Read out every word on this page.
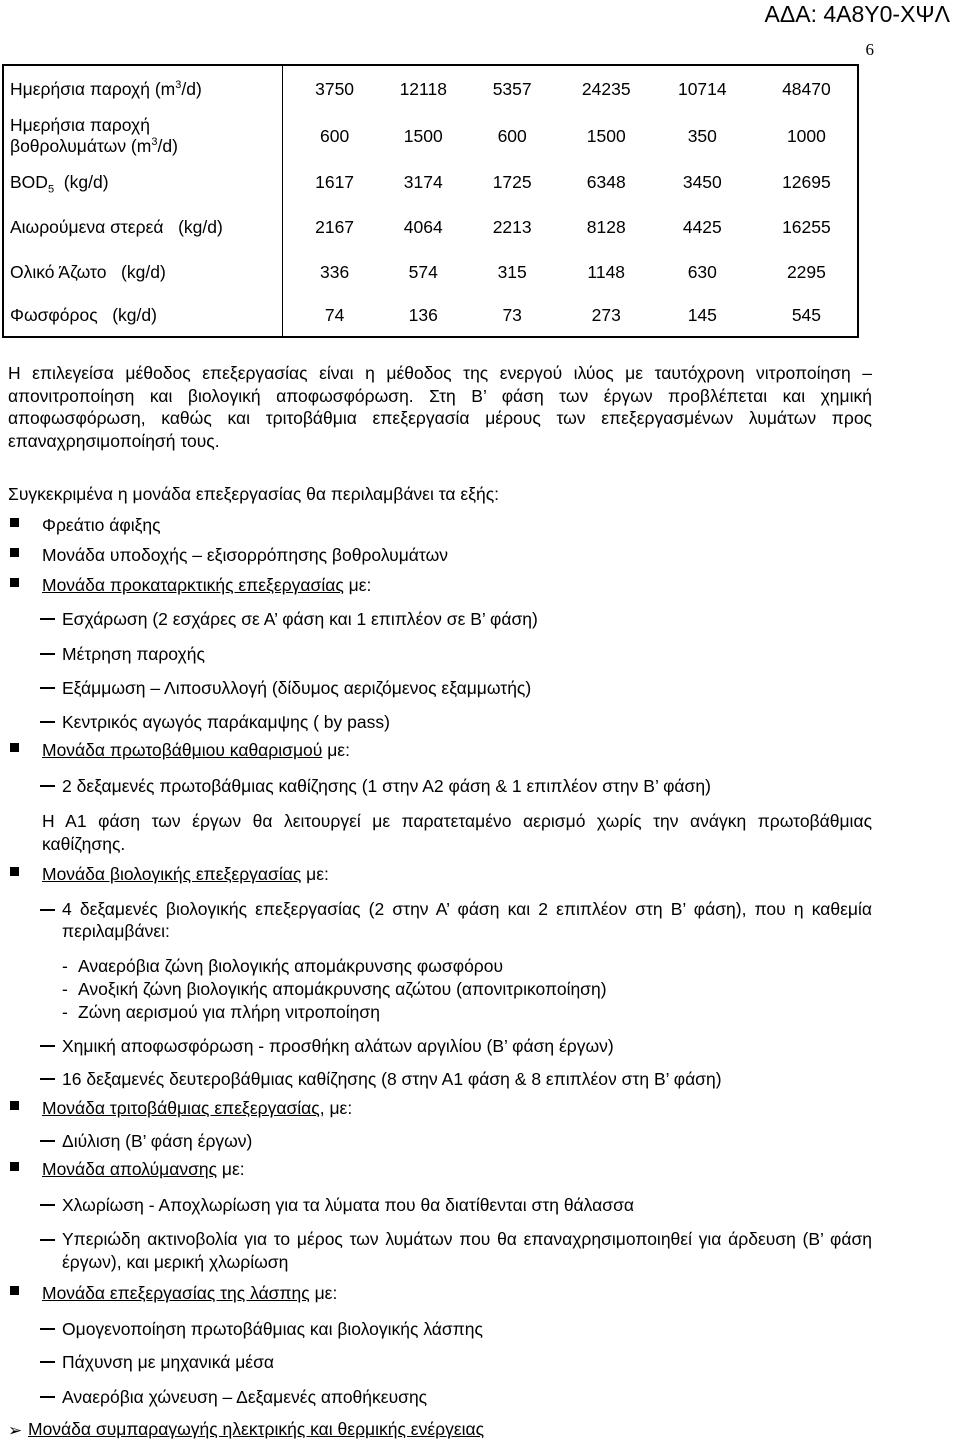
ΑΔΑ: 4Α8Υ0-ΧΨΛ
6
Ημερήσια παροχή $(m^3/d)$	3750	12118	5357	24235	10714	48470
Ημερήσια παροχή
βοθρολυμάτων $(m^3/d)$	600	1500	600	1500	350	1000
$BOD_5$  (kg/d)	1617	3174	1725	6348	3450	12695
Αιωρούμενα στερεά   (kg/d)	2167	4064	2213	8128	4425	16255
Ολικό Άζωτο   (kg/d)	336	574	315	1148	630	2295
Φωσφόρος   (kg/d)	74	136	73	273	145	545

Η επιλεγείσα μέθοδος επεξεργασίας είναι η μέθοδος της ενεργού ιλύος με ταυτόχρονη νιτροποίηση – απονιτροποίηση και βιολογική αποφωσφόρωση. Στη Β’ φάση των έργων προβλέπεται και χημική αποφωσφόρωση, καθώς και τριτοβάθμια επεξεργασία μέρους των επεξεργασμένων λυμάτων προς επαναχρησιμοποίησή τους.

Συγκεκριμένα η μονάδα επεξεργασίας θα περιλαμβάνει τα εξής:
Φρεάτιο άφιξης
Μονάδα υποδοχής – εξισορρόπησης βοθρολυμάτων
Μονάδα προκαταρκτικής επεξεργασίας με:
Εσχάρωση (2 εσχάρες σε Α’ φάση και 1 επιπλέον σε Β’ φάση)
Μέτρηση παροχής
Εξάμμωση – Λιποσυλλογή (δίδυμος αεριζόμενος εξαμμωτής)
Κεντρικός αγωγός παράκαμψης ( by pass)
Μονάδα πρωτοβάθμιου καθαρισμού με:
2 δεξαμενές πρωτοβάθμιας καθίζησης (1 στην Α2 φάση & 1 επιπλέον στην Β’ φάση)
Η Α1 φάση των έργων θα λειτουργεί με παρατεταμένο αερισμό χωρίς την ανάγκη πρωτοβάθμιας καθίζησης.
Μονάδα βιολογικής επεξεργασίας με:
4 δεξαμενές βιολογικής επεξεργασίας (2 στην Α’ φάση και 2 επιπλέον στη Β’ φάση), που η καθεμία περιλαμβάνει:
- Αναερόβια ζώνη βιολογικής απομάκρυνσης φωσφόρου
- Ανοξική ζώνη βιολογικής απομάκρυνσης αζώτου (απονιτρικοποίηση)
- Ζώνη αερισμού για πλήρη νιτροποίηση
Χημική αποφωσφόρωση - προσθήκη αλάτων αργιλίου (Β’ φάση έργων)
16 δεξαμενές δευτεροβάθμιας καθίζησης (8 στην Α1 φάση & 8 επιπλέον στη Β’ φάση)
Μονάδα τριτοβάθμιας επεξεργασίας, με:
Διύλιση (Β’ φάση έργων)
Μονάδα απολύμανσης με:
Χλωρίωση - Αποχλωρίωση για τα λύματα που θα διατίθενται στη θάλασσα
Υπεριώδη ακτινοβολία για το μέρος των λυμάτων που θα επαναχρησιμοποιηθεί για άρδευση (Β’ φάση έργων), και μερική χλωρίωση
Μονάδα επεξεργασίας της λάσπης με:
Ομογενοποίηση πρωτοβάθμιας και βιολογικής λάσπης
Πάχυνση με μηχανικά μέσα
Αναερόβια χώνευση – Δεξαμενές αποθήκευσης
➢ Μονάδα συμπαραγωγής ηλεκτρικής και θερμικής ενέργειας
